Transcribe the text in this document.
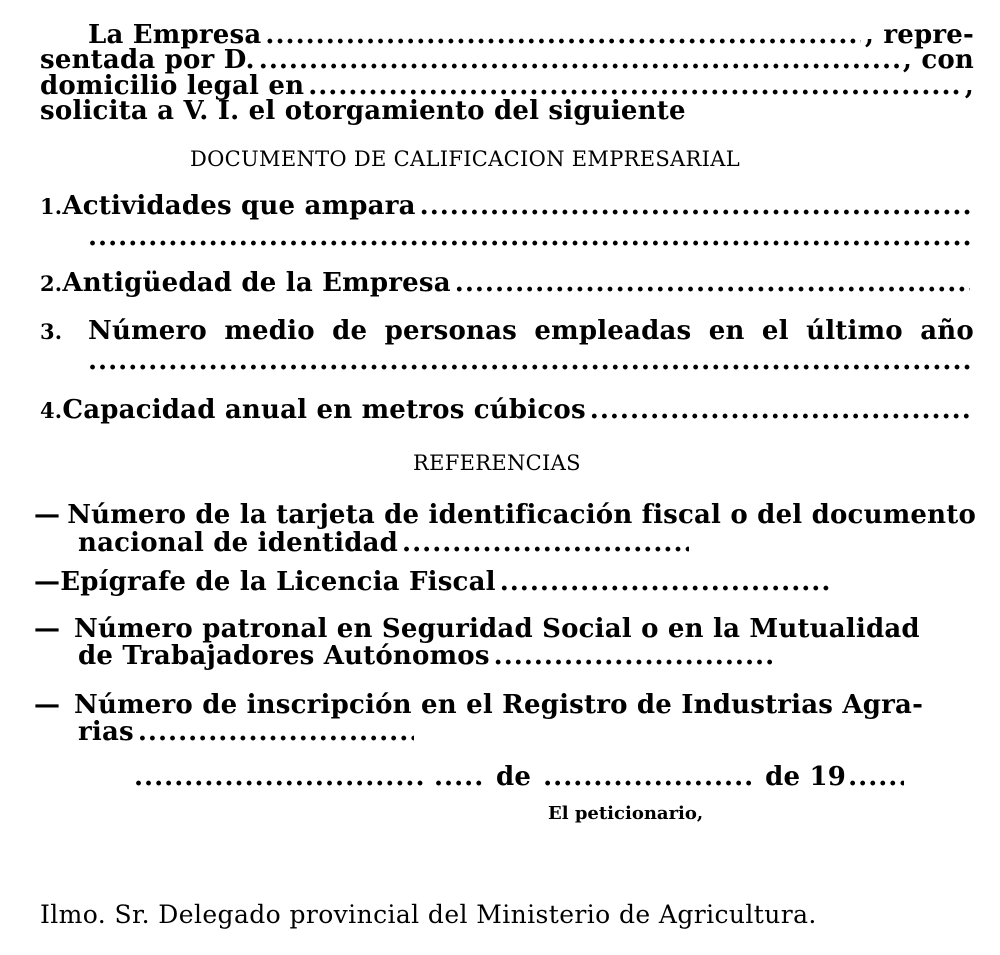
La Empresa .....	, repre-
sentada por D. .....	, con
domicilio legal en .....	,
solicita a V. I. el otorgamiento del siguiente
DOCUMENTO DE CALIFICACION EMPRESARIAL
1. Actividades que ampara
.....
.....
2. Antigüedad de la Empresa
.....
3. Número medio de personas empleadas en el último año
.....
4. Capacidad anual en metros cúbicos
.....
REFERENCIAS
— Número de la tarjeta de identificación fiscal o del documento
nacional de identidad
.....
— Epígrafe de la Licencia Fiscal
.....
— Número patronal en Seguridad Social o en la Mutualidad
de Trabajadores Autónomos
.....
— Número de inscripción en el Registro de Industrias Agra-
rias
.....
.....
.....
de .....	de 19
.....
El peticionario,
Ilmo. Sr. Delegado provincial del Ministerio de Agricultura.
